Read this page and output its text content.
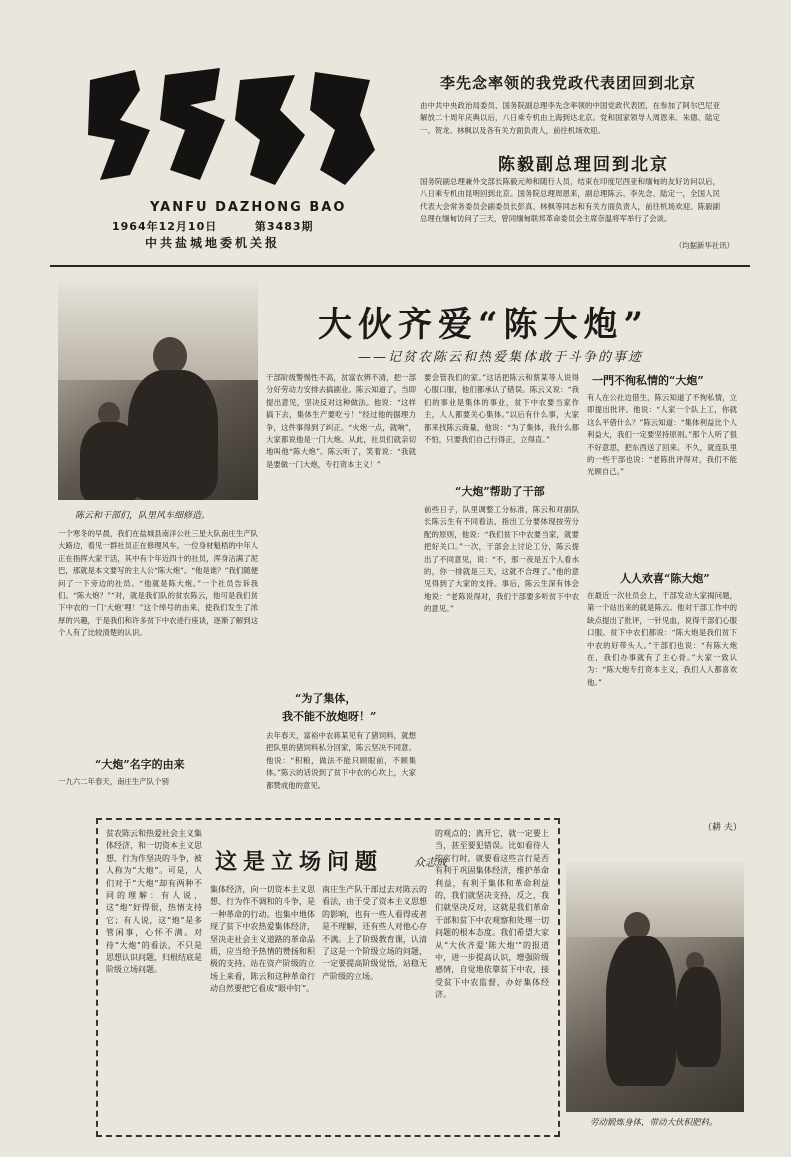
YANFU DAZHONG BAO
1964年12月10日	第3483期
中共盐城地委机关报
李先念率领的我党政代表团回到北京
由中共中央政治局委员、国务院副总理李先念率领的中国党政代表团，在参加了阿尔巴尼亚解放二十周年庆典以后，八日乘专机由上海到达北京。党和国家领导人周恩来、朱德、陆定一、贺龙、林枫以及各有关方面负责人，前往机场欢迎。
陈毅副总理回到北京
国务院副总理兼外交部长陈毅元帅和随行人员，结束在印度尼西亚和缅甸的友好访问以后，八日乘专机由昆明回到北京。国务院总理周恩来，副总理陈云、李先念、陆定一，全国人民代表大会常务委员会副委员长彭真、林枫等同志和有关方面负责人，前往机场欢迎。陈毅副总理在缅甸访问了三天，曾同缅甸联邦革命委员会主席奈温将军举行了会谈。
（均据新华社讯）
大伙齐爱“陈大炮”
——记贫农陈云和热爱集体敢于斗争的事迹
陈云和干部们，队里风车细修造。
一个寒冬的早晨，我们在盐城县南洋公社三星大队南庄生产队大路边，看见一群社员正在修理风车。一位身材魁梧的中年人正在指挥大家干活，其中有个年近四十的社员，浑身沾满了泥巴，那就是本文要写的主人公“陈大炮”。“他是谁？”我们随便问了一下旁边的社员。“他就是陈大炮。”一个社员告诉我们。“陈大炮？”“对，就是我们队的贫农陈云，他可是我们贫下中农的一门‘大炮’哩！”这个绰号的由来，使我们发生了浓厚的兴趣，于是我们和许多贫下中农进行座谈，逐渐了解到这个人有了比较清楚的认识。
“大炮”名字的由来
一九六二年春天，南庄生产队个别
干部阶级警惕性不高，贫富农辨不清，把一部分好劳动力安排去搞副业。陈云知道了，当即提出意见，坚决反对这种做法。他说：“这样搞下去，集体生产要吃亏！”经过他的据理力争，这件事得到了纠正。“火炮一点，就响”，大家都说他是一门大炮。从此，社员们就亲切地叫他“陈大炮”。陈云听了，笑着说：“我就是要做一门大炮，专打资本主义！”
“为了集体，
我不能不放炮呀！”
去年春天，富裕中农蒋某见有了猪饲料，就想把队里的猪饲料私分回家，陈云坚决不同意。他说：“积粮，做法不能只顾眼前，不顾集体。”陈云的话说到了贫下中农的心坎上，大家都赞成他的意见。
要会管我们的家。”这话把陈云和蔡某等人说得心服口服，他们都承认了错误。陈云又说：“我们的事业是集体的事业，贫下中农要当家作主，人人都要关心集体。”以后有什么事，大家都来找陈云商量，他说：“为了集体，我什么都不怕，只要我们自己行得正，立得直。”
“大炮”帮助了干部
前些日子，队里调整工分标准，陈云和对副队长陈云生有不同看法，指出工分要体现按劳分配的原则，他说：“我们贫下中农要当家，就要把好关口。”一次，干部会上讨论工分，陈云提出了不同意见，说：“不，那一夜是五个人看水的，你一排就是三天，这就不合理了。”他的意见得到了大家的支持。事后，陈云生深有体会地说：“老陈说得对，我们干部要多听贫下中农的意见。”
一門不徇私情的“大炮”
有人在公社边借生，陈云知道了不徇私情，立即提出批评。他说：“人家一个队上工，你就这么平借什么？”陈云知道：“集体利益比个人利益大，我们一定要坚持原则。”那个人听了很不好意思，把东西送了回来。不久，就连队里的一些干部也说：“老陈批评得对，我们不能光顾自己。”
人人欢喜“陈大炮”
在最近一次社员会上，干部发动大家揭问题，第一个站出来的就是陈云。他对干部工作中的缺点提出了批评，一针见血，说得干部们心服口服。贫下中农们都说：“陈大炮是我们贫下中农的好带头人。”干部们也说：“有陈大炮在，我们办事就有了主心骨。”大家一致认为：“陈大炮专打资本主义，我们人人都喜欢他。”
（耕 夫）
劳动锻炼身体，带动大伙积肥料。
这是立场问题	众志成
贫农陈云和热爱社会主义集体经济，和一切资本主义思想、行为作坚决的斗争，被人称为“大炮”。可是，人们对于“大炮”却有两种不同的理解：有人说，这“炮”好得很，热情支持它；有人说，这“炮”是多管闲事，心怀不满。对待“大炮”的看法，不只是思想认识问题，归根结底是阶级立场问题。
集体经济，向一切资本主义思想、行为作不调和的斗争，是一种革命的行动。也集中地体现了贫下中农热爱集体经济，坚决走社会主义道路的革命品质，应当给予热情的赞扬和积极的支持。站在资产阶级的立场上来看，陈云和这种革命行动自然要把它看成“眼中钉”。
南庄生产队干部过去对陈云的看法，由于受了资本主义思想的影响，也有一些人看得或者是不理解，还有些人对他心存不满。上了阶级教育课，认清了这是一个阶级立场的问题，一定要提高阶级觉悟，站稳无产阶级的立场。
的观点的；离开它，就一定要上当，甚至要犯错误。比如看待人的言行时，就要看这些言行是否有利于巩固集体经济，维护革命利益，有利于集体和革命利益的，我们就坚决支持，反之，我们就坚决反对，这就是我们革命干部和贫下中农观察和处理一切问题的根本态度。我们希望大家从“大伙齐爱‘陈大炮’”的报道中，进一步提高认识，增强阶级感情，自觉地依靠贫下中农，接受贫下中农监督，办好集体经济。
